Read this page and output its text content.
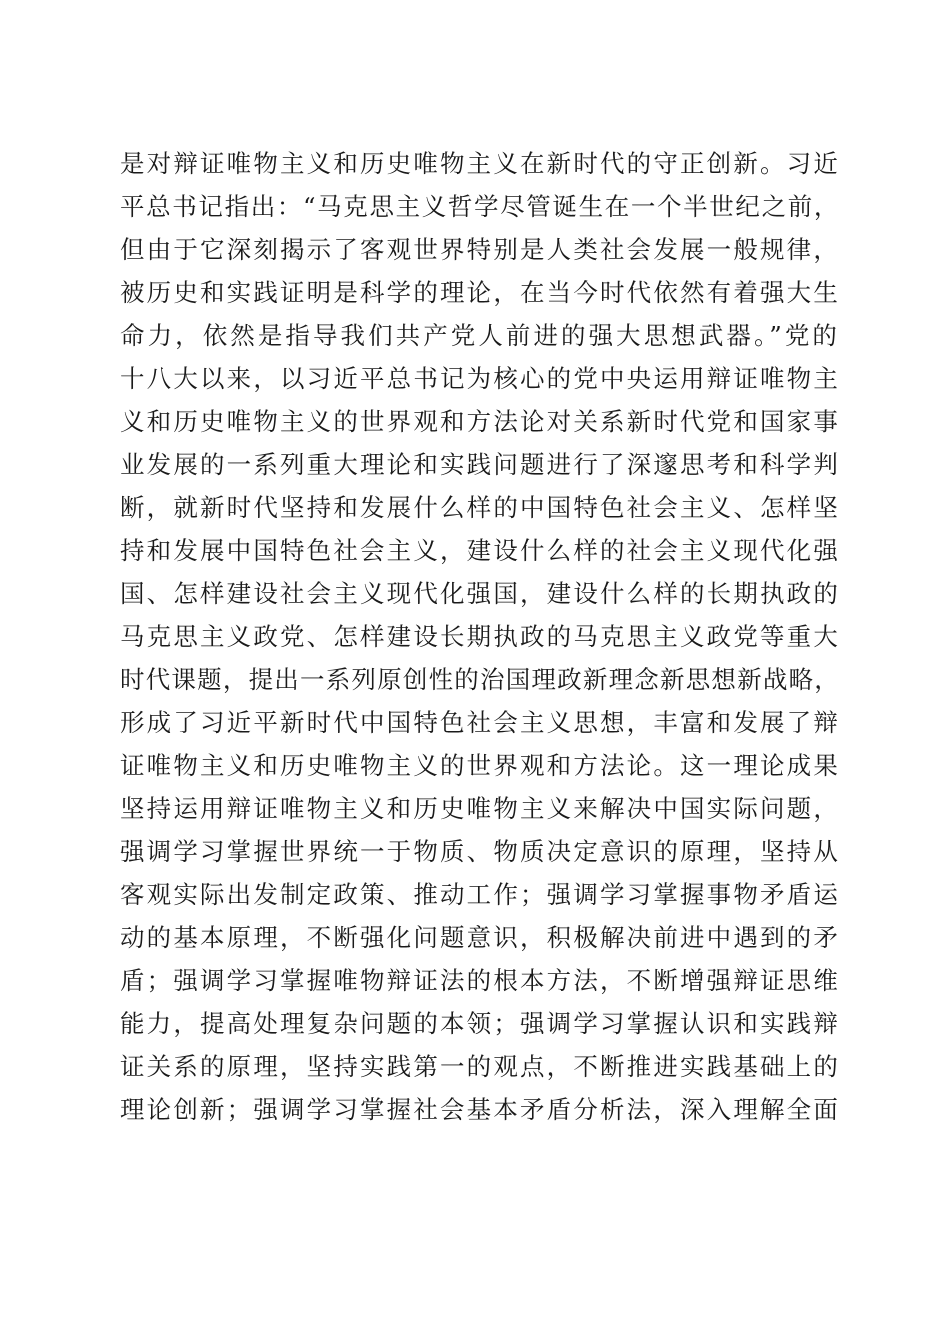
是对辩证唯物主义和历史唯物主义在新时代的守正创新。习近
平总书记指出：“马克思主义哲学尽管诞生在一个半世纪之前，
但由于它深刻揭示了客观世界特别是人类社会发展一般规律，
被历史和实践证明是科学的理论，在当今时代依然有着强大生
命力，依然是指导我们共产党人前进的强大思想武器。”党的
十八大以来，以习近平总书记为核心的党中央运用辩证唯物主
义和历史唯物主义的世界观和方法论对关系新时代党和国家事
业发展的一系列重大理论和实践问题进行了深邃思考和科学判
断，就新时代坚持和发展什么样的中国特色社会主义、怎样坚
持和发展中国特色社会主义，建设什么样的社会主义现代化强
国、怎样建设社会主义现代化强国，建设什么样的长期执政的
马克思主义政党、怎样建设长期执政的马克思主义政党等重大
时代课题，提出一系列原创性的治国理政新理念新思想新战略，
形成了习近平新时代中国特色社会主义思想，丰富和发展了辩
证唯物主义和历史唯物主义的世界观和方法论。这一理论成果
坚持运用辩证唯物主义和历史唯物主义来解决中国实际问题，
强调学习掌握世界统一于物质、物质决定意识的原理，坚持从
客观实际出发制定政策、推动工作；强调学习掌握事物矛盾运
动的基本原理，不断强化问题意识，积极解决前进中遇到的矛
盾；强调学习掌握唯物辩证法的根本方法，不断增强辩证思维
能力，提高处理复杂问题的本领；强调学习掌握认识和实践辩
证关系的原理，坚持实践第一的观点，不断推进实践基础上的
理论创新；强调学习掌握社会基本矛盾分析法，深入理解全面
